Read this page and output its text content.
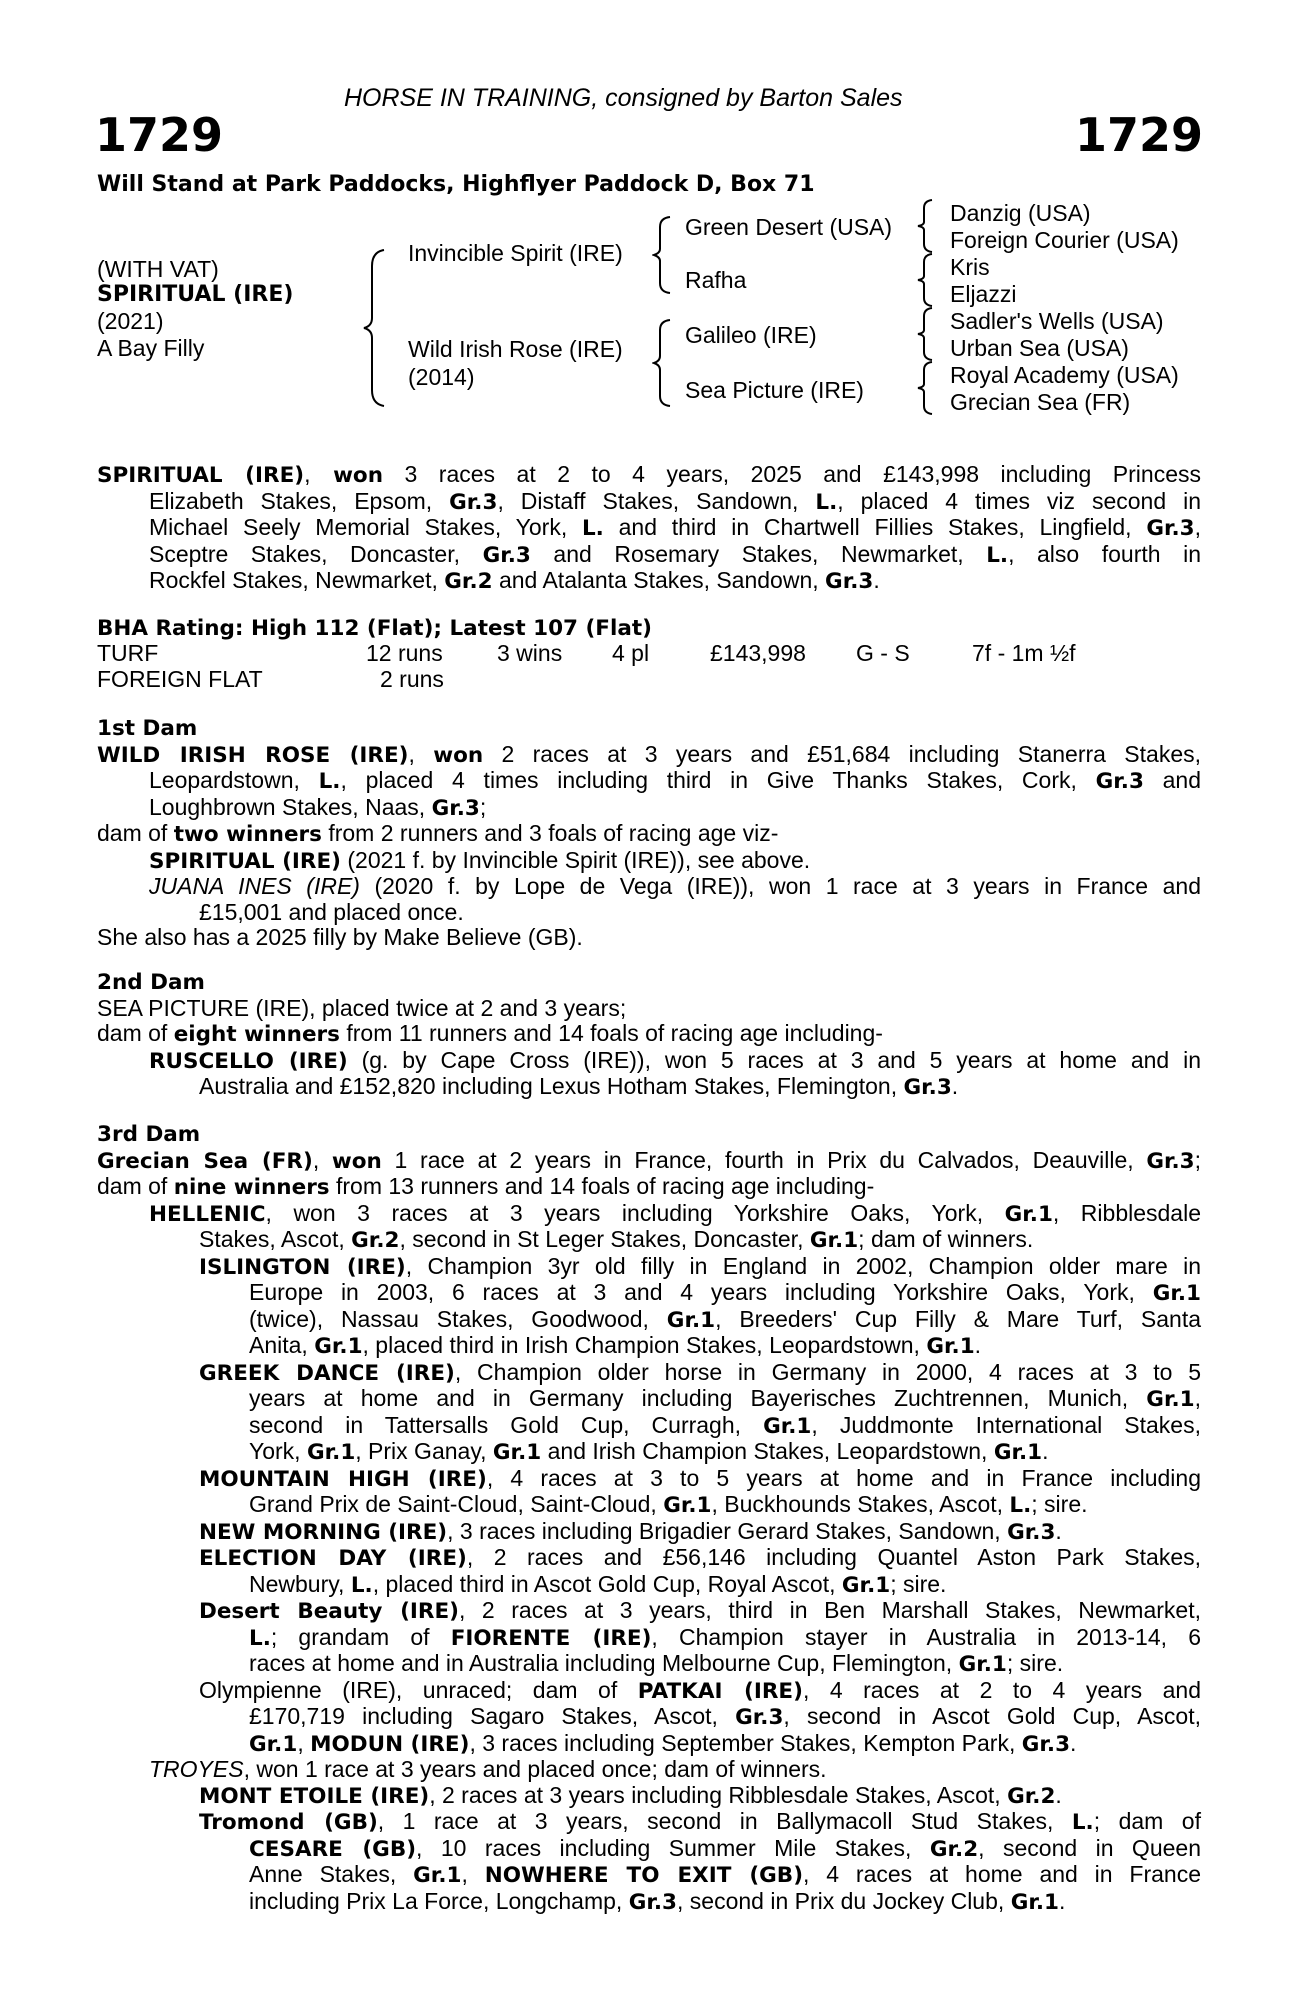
HORSE IN TRAINING, consigned by Barton Sales
1729	1729
Will Stand at Park Paddocks, Highflyer Paddock D, Box 71
(WITH VAT)
SPIRITUAL (IRE)
(2021)
A Bay Filly
Invincible Spirit (IRE)
Wild Irish Rose (IRE)
(2014)
Green Desert (USA)
Rafha
Galileo (IRE)
Sea Picture (IRE)
Danzig (USA)
Foreign Courier (USA)
Kris
Eljazzi
Sadler's Wells (USA)
Urban Sea (USA)
Royal Academy (USA)
Grecian Sea (FR)
SPIRITUAL (IRE), won 3 races at 2 to 4 years, 2025 and £143,998 including Princess
Elizabeth Stakes, Epsom, Gr.3, Distaff Stakes, Sandown, L., placed 4 times viz second in
Michael Seely Memorial Stakes, York, L. and third in Chartwell Fillies Stakes, Lingfield, Gr.3,
Sceptre Stakes, Doncaster, Gr.3 and Rosemary Stakes, Newmarket, L., also fourth in
Rockfel Stakes, Newmarket, Gr.2 and Atalanta Stakes, Sandown, Gr.3.
BHA Rating: High 112 (Flat); Latest 107 (Flat)
TURF	12 runs 3 wins 4 pl	£143,998 G - S	7f - 1m ½f
FOREIGN FLAT	2 runs
1st Dam
WILD IRISH ROSE (IRE), won 2 races at 3 years and £51,684 including Stanerra Stakes,
Leopardstown, L., placed 4 times including third in Give Thanks Stakes, Cork, Gr.3 and
Loughbrown Stakes, Naas, Gr.3;
dam of two winners from 2 runners and 3 foals of racing age viz-
SPIRITUAL (IRE) (2021 f. by Invincible Spirit (IRE)), see above.
JUANA INES (IRE) (2020 f. by Lope de Vega (IRE)), won 1 race at 3 years in France and
£15,001 and placed once.
She also has a 2025 filly by Make Believe (GB).
2nd Dam
SEA PICTURE (IRE), placed twice at 2 and 3 years;
dam of eight winners from 11 runners and 14 foals of racing age including-
RUSCELLO (IRE) (g. by Cape Cross (IRE)), won 5 races at 3 and 5 years at home and in
Australia and £152,820 including Lexus Hotham Stakes, Flemington, Gr.3.
3rd Dam
Grecian Sea (FR), won 1 race at 2 years in France, fourth in Prix du Calvados, Deauville, Gr.3;
dam of nine winners from 13 runners and 14 foals of racing age including-
HELLENIC, won 3 races at 3 years including Yorkshire Oaks, York, Gr.1, Ribblesdale
Stakes, Ascot, Gr.2, second in St Leger Stakes, Doncaster, Gr.1; dam of winners.
ISLINGTON (IRE), Champion 3yr old filly in England in 2002, Champion older mare in
Europe in 2003, 6 races at 3 and 4 years including Yorkshire Oaks, York, Gr.1
(twice), Nassau Stakes, Goodwood, Gr.1, Breeders' Cup Filly & Mare Turf, Santa
Anita, Gr.1, placed third in Irish Champion Stakes, Leopardstown, Gr.1.
GREEK DANCE (IRE), Champion older horse in Germany in 2000, 4 races at 3 to 5
years at home and in Germany including Bayerisches Zuchtrennen, Munich, Gr.1,
second in Tattersalls Gold Cup, Curragh, Gr.1, Juddmonte International Stakes,
York, Gr.1, Prix Ganay, Gr.1 and Irish Champion Stakes, Leopardstown, Gr.1.
MOUNTAIN HIGH (IRE), 4 races at 3 to 5 years at home and in France including
Grand Prix de Saint-Cloud, Saint-Cloud, Gr.1, Buckhounds Stakes, Ascot, L.; sire.
NEW MORNING (IRE), 3 races including Brigadier Gerard Stakes, Sandown, Gr.3.
ELECTION DAY (IRE), 2 races and £56,146 including Quantel Aston Park Stakes,
Newbury, L., placed third in Ascot Gold Cup, Royal Ascot, Gr.1; sire.
Desert Beauty (IRE), 2 races at 3 years, third in Ben Marshall Stakes, Newmarket,
L.; grandam of FIORENTE (IRE), Champion stayer in Australia in 2013-14, 6
races at home and in Australia including Melbourne Cup, Flemington, Gr.1; sire.
Olympienne (IRE), unraced; dam of PATKAI (IRE), 4 races at 2 to 4 years and
£170,719 including Sagaro Stakes, Ascot, Gr.3, second in Ascot Gold Cup, Ascot,
Gr.1, MODUN (IRE), 3 races including September Stakes, Kempton Park, Gr.3.
TROYES, won 1 race at 3 years and placed once; dam of winners.
MONT ETOILE (IRE), 2 races at 3 years including Ribblesdale Stakes, Ascot, Gr.2.
Tromond (GB), 1 race at 3 years, second in Ballymacoll Stud Stakes, L.; dam of
CESARE (GB), 10 races including Summer Mile Stakes, Gr.2, second in Queen
Anne Stakes, Gr.1, NOWHERE TO EXIT (GB), 4 races at home and in France
including Prix La Force, Longchamp, Gr.3, second in Prix du Jockey Club, Gr.1.
